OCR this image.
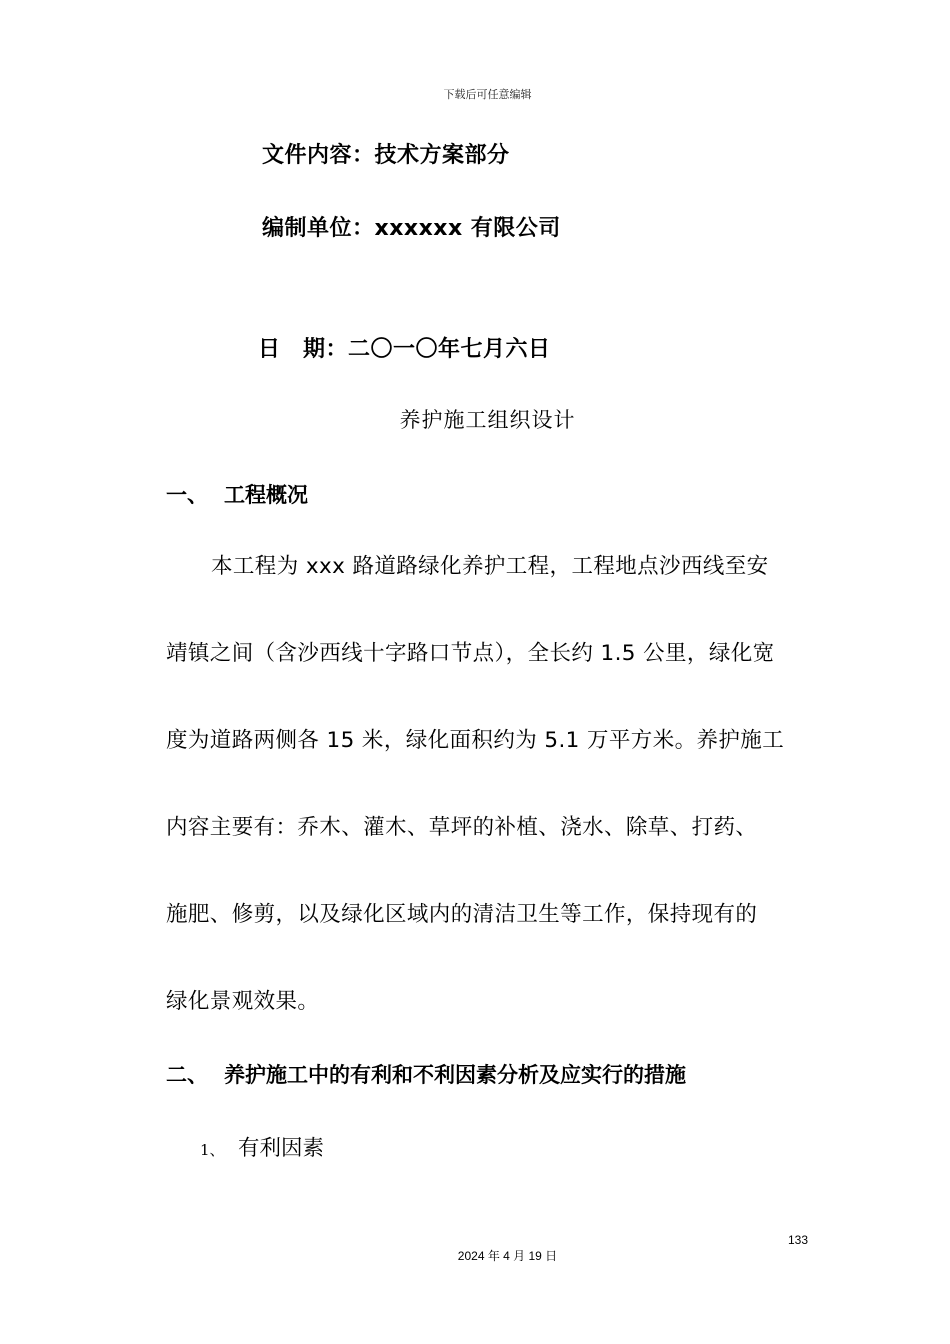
下载后可任意编辑
文件内容：技术方案部分
编制单位：xxxxxx 有限公司
日　期：二〇一〇年七月六日
养护施工组织设计
一、 工程概况
本工程为 xxx 路道路绿化养护工程，工程地点沙西线至安
靖镇之间（含沙西线十字路口节点），全长约 1.5 公里，绿化宽
度为道路两侧各 15 米，绿化面积约为 5.1 万平方米。养护施工
内容主要有：乔木、灌木、草坪的补植、浇水、除草、打药、
施肥、修剪，以及绿化区域内的清洁卫生等工作，保持现有的
绿化景观效果。
二、 养护施工中的有利和不利因素分析及应实行的措施
1、 有利因素
133
2024 年 4 月 19 日
